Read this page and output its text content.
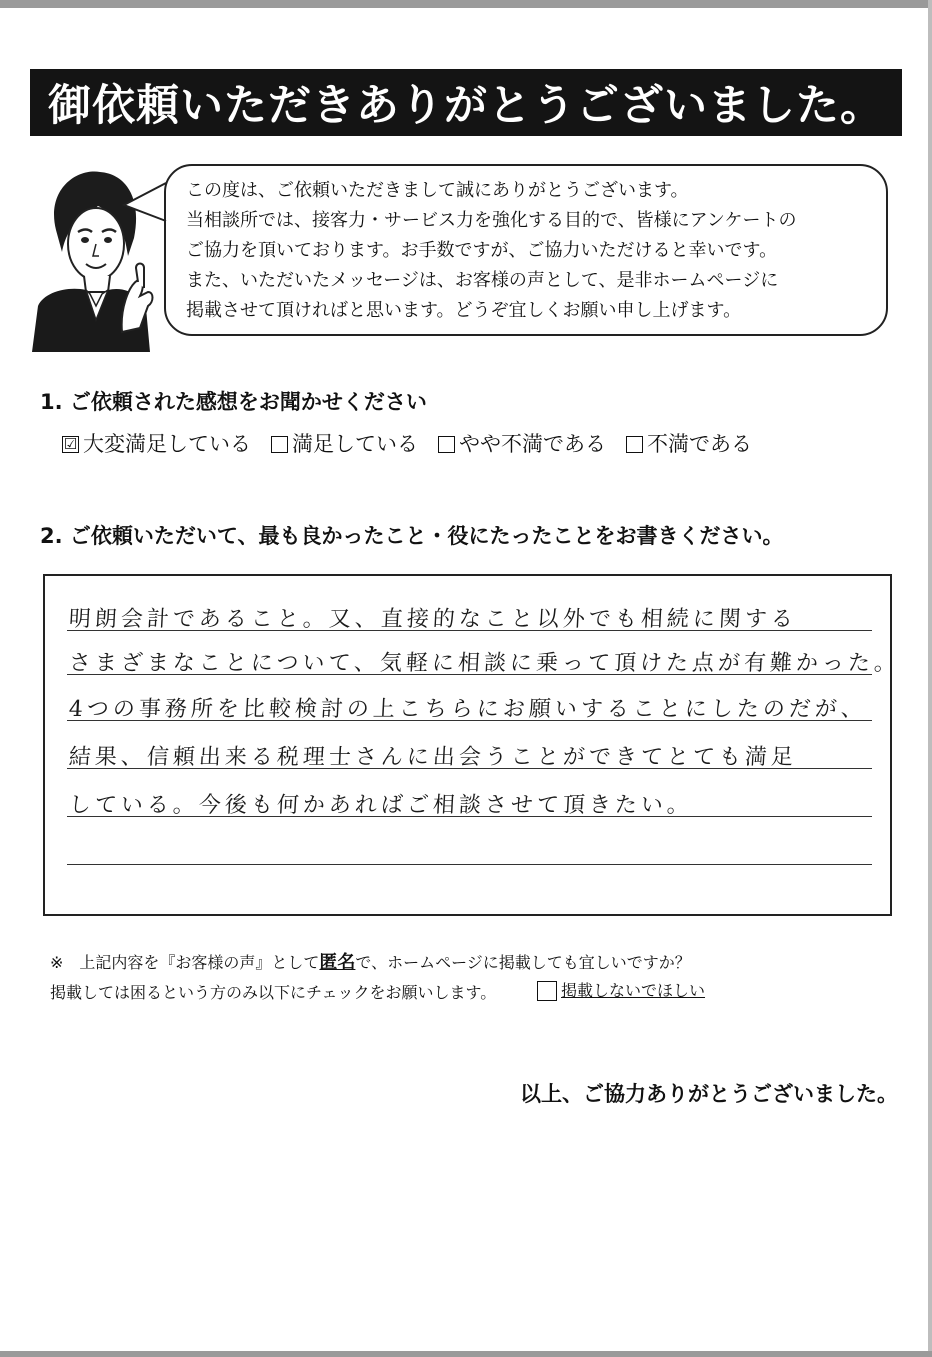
御依頼いただきありがとうございました。
この度は、ご依頼いただきまして誠にありがとうございます。
当相談所では、接客力・サービス力を強化する目的で、皆様にアンケートの
ご協力を頂いております。お手数ですが、ご協力いただけると幸いです。
また、いただいたメッセージは、お客様の声として、是非ホームページに
掲載させて頂ければと思います。どうぞ宜しくお願い申し上げます。
1. ご依頼された感想をお聞かせください
☑ 大変満足している 満足している やや不満である 不満である
2. ご依頼いただいて、最も良かったこと・役にたったことをお書きください。
明朗会計であること。又、直接的なこと以外でも相続に関する
さまざまなことについて、気軽に相談に乗って頂けた点が有難かった。
4つの事務所を比較検討の上こちらにお願いすることにしたのだが、
結果、信頼出来る税理士さんに出会うことができてとても満足
している。今後も何かあればご相談させて頂きたい。
※　上記内容を『お客様の声』として匿名で、ホームページに掲載しても宜しいですか？
掲載しては困るという方のみ以下にチェックをお願いします。	掲載しないでほしい
以上、ご協力ありがとうございました。
